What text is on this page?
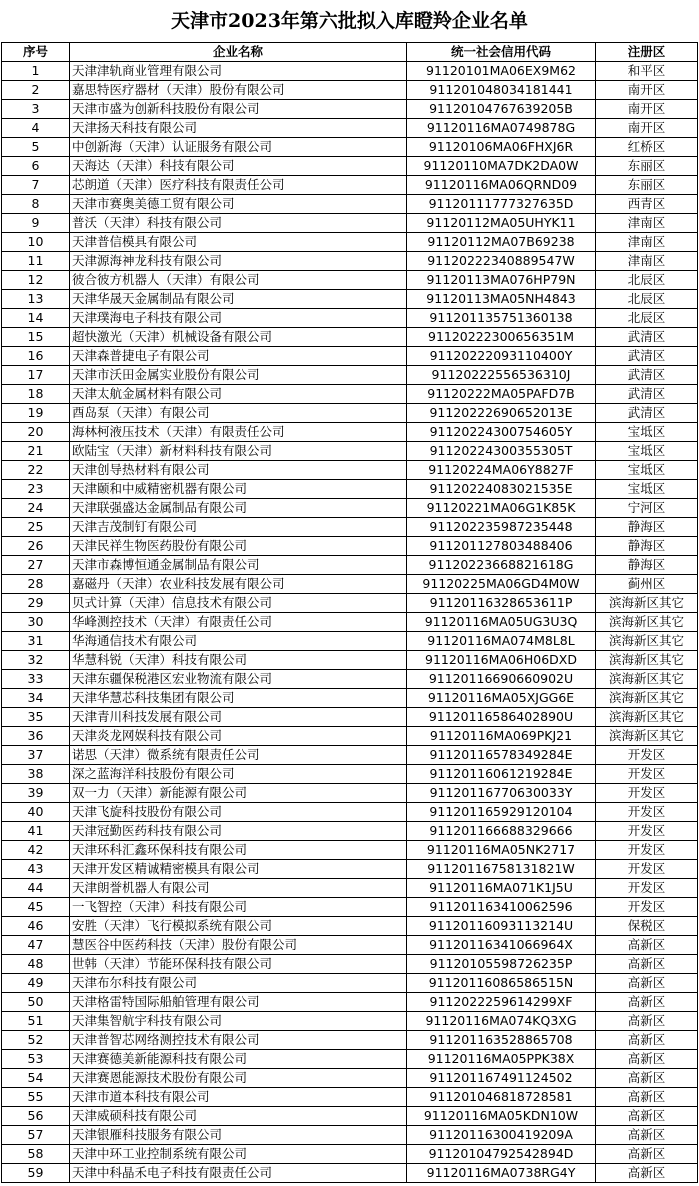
天津市2023年第六批拟入库瞪羚企业名单
序号	企业名称	统一社会信用代码	注册区
1	天津津轨商业管理有限公司	91120101MA06EX9M62	和平区
2	嘉思特医疗器材（天津）股份有限公司	911201048034181441	南开区
3	天津市盛为创新科技股份有限公司	91120104767639205B	南开区
4	天津扬天科技有限公司	91120116MA0749878G	南开区
5	中创新海（天津）认证服务有限公司	91120106MA06FHXJ6R	红桥区
6	天海达（天津）科技有限公司	91120110MA7DK2DA0W	东丽区
7	芯朗道（天津）医疗科技有限责任公司	91120116MA06QRND09	东丽区
8	天津市赛奥美德工贸有限公司	91120111777327635D	西青区
9	普沃（天津）科技有限公司	91120112MA05UHYK11	津南区
10	天津普信模具有限公司	91120112MA07B69238	津南区
11	天津源海神龙科技有限公司	91120222340889547W	津南区
12	彼合彼方机器人（天津）有限公司	91120113MA076HP79N	北辰区
13	天津华晟天金属制品有限公司	91120113MA05NH4843	北辰区
14	天津璞海电子科技有限公司	911201135751360138	北辰区
15	超快激光（天津）机械设备有限公司	91120222300656351M	武清区
16	天津森普捷电子有限公司	91120222093110400Y	武清区
17	天津市沃田金属实业股份有限公司	91120222556536310J	武清区
18	天津太航金属材料有限公司	91120222MA05PAFD7B	武清区
19	酉岛泵（天津）有限公司	91120222690652013E	武清区
20	海林柯液压技术（天津）有限责任公司	91120224300754605Y	宝坻区
21	欧陆宝（天津）新材料科技有限公司	91120224300355305T	宝坻区
22	天津创导热材料有限公司	91120224MA06Y8827F	宝坻区
23	天津颐和中威精密机器有限公司	91120224083021535E	宝坻区
24	天津联强盛达金属制品有限公司	91120221MA06G1K85K	宁河区
25	天津吉茂制钉有限公司	911202235987235448	静海区
26	天津民祥生物医药股份有限公司	911201127803488406	静海区
27	天津市森博恒通金属制品有限公司	91120223668821618G	静海区
28	嘉磁丹（天津）农业科技发展有限公司	91120225MA06GD4M0W	蓟州区
29	贝式计算（天津）信息技术有限公司	91120116328653611P	滨海新区其它
30	华峰测控技术（天津）有限责任公司	91120116MA05UG3U3Q	滨海新区其它
31	华海通信技术有限公司	91120116MA074M8L8L	滨海新区其它
32	华慧科锐（天津）科技有限公司	91120116MA06H06DXD	滨海新区其它
33	天津东疆保税港区宏业物流有限公司	91120116690660902U	滨海新区其它
34	天津华慧芯科技集团有限公司	91120116MA05XJGG6E	滨海新区其它
35	天津青川科技发展有限公司	91120116586402890U	滨海新区其它
36	天津炎龙网娱科技有限公司	91120116MA069PKJ21	滨海新区其它
37	诺思（天津）微系统有限责任公司	91120116578349284E	开发区
38	深之蓝海洋科技股份有限公司	91120116061219284E	开发区
39	双一力（天津）新能源有限公司	91120116770630033Y	开发区
40	天津飞旋科技股份有限公司	911201165929120104	开发区
41	天津冠勤医药科技有限公司	911201166688329666	开发区
42	天津环科汇鑫环保科技有限公司	91120116MA05NK2717	开发区
43	天津开发区精诚精密模具有限公司	91120116758131821W	开发区
44	天津朗誉机器人有限公司	91120116MA071K1J5U	开发区
45	一飞智控（天津）科技有限公司	911201163410062596	开发区
46	安胜（天津）飞行模拟系统有限公司	91120116093113214U	保税区
47	慧医谷中医药科技（天津）股份有限公司	91120116341066964X	高新区
48	世韩（天津）节能环保科技有限公司	91120105598726235P	高新区
49	天津布尔科技有限公司	91120116086586515N	高新区
50	天津格雷特国际船舶管理有限公司	9112022259614299XF	高新区
51	天津集智航宇科技有限公司	91120116MA074KQ3XG	高新区
52	天津普智芯网络测控技术有限公司	911201163528865708	高新区
53	天津赛德美新能源科技有限公司	91120116MA05PPK38X	高新区
54	天津赛恩能源技术股份有限公司	911201167491124502	高新区
55	天津市道本科技有限公司	911201046818728581	高新区
56	天津威硕科技有限公司	91120116MA05KDN10W	高新区
57	天津银雁科技服务有限公司	91120116300419209A	高新区
58	天津中环工业控制系统有限公司	91120104792542894D	高新区
59	天津中科晶禾电子科技有限责任公司	91120116MA0738RG4Y	高新区
